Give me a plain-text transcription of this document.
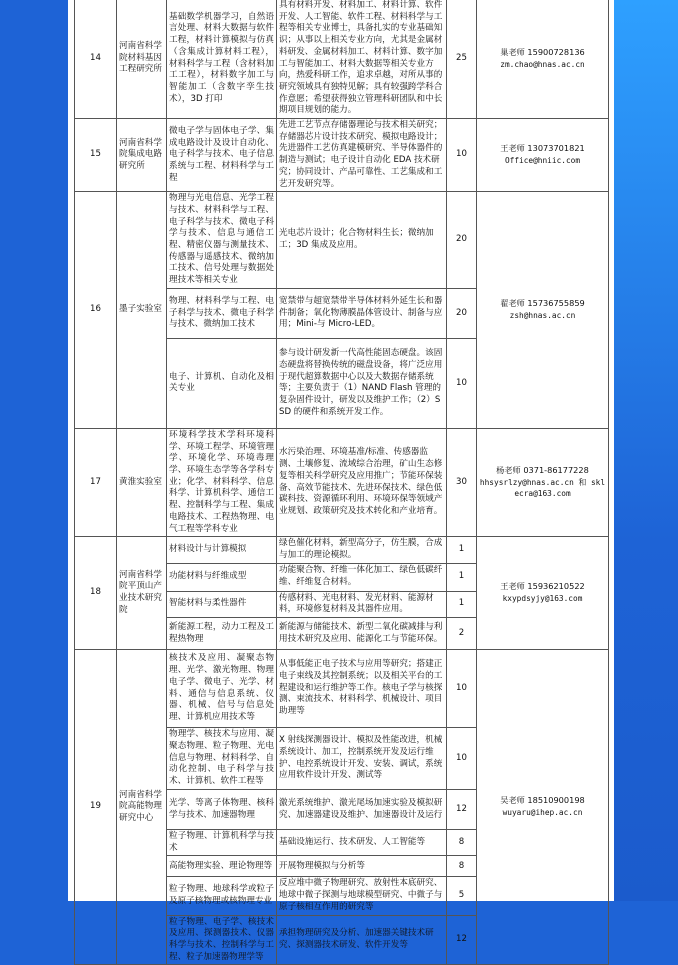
14	河南省科学院材料基因工程研究所	基础数学机器学习，自然语言处理、材料大数据与软件工程，材料计算模拟与仿真（含集成计算材料工程），材料科学与工程（含材料加工工程），材料数字加工与智能加工（含数字孪生技术），3D 打印	具有材料开发、材料加工、材料计算、软件开发、人工智能、软件工程、材料科学与工程等相关专业博士，具备扎实的专业基础知识；从事以上相关专业方向，尤其是金属材料研发、金属材料加工、材料计算、数字加工与智能加工、材料大数据等相关专业方向，热爱科研工作，追求卓越，对所从事的研究领域具有独特见解；具有较强跨学科合作意愿；希望获得独立管理科研团队和中长期项目规划的能力。	25	巢老师 15900728136
zm.chao@hnas.ac.cn

15	河南省科学院集成电路研究所	微电子学与固体电子学、集成电路设计及设计自动化、电子科学与技术、电子信息系统与工程、材料科学与工程	先进工艺节点存储器理论与技术相关研究；存储器芯片设计技术研究、模拟电路设计；先进器件工艺仿真建模研究、半导体器件的制造与测试；电子设计自动化 EDA 技术研究；协同设计、产品可靠性、工艺集成和工艺开发研究等。	10	王老师 13073701821
Office@hniic.com

16	墨子实验室	物理与光电信息、光学工程与技术、材料科学与工程、电子科学与技术、微电子科学与技术、信息与通信工程、精密仪器与测量技术、传感器与遥感技术、微纳加工技术、信号处理与数据处理技术等相关专业	光电芯片设计；化合物材料生长；微纳加工；3D 集成及应用。	20	翟老师 15736755859
zsh@hnas.ac.cn

		物理、材料科学与工程、电子科学与技术、微电子科学与技术、微纳加工技术	宽禁带与超宽禁带半导体材料外延生长和器件制备；氧化物薄膜晶体管设计、制备与应用；Mini-与 Micro-LED。	20	
		电子、计算机、自动化及相关专业	参与设计研发新一代高性能固态硬盘。该固态硬盘将替换传统的磁盘设备，将广泛应用于现代超算数据中心以及大数据存储系统等；主要负责于（1）NAND Flash 管理的复杂固件设计，研发以及维护工作；（2）SSD 的硬件和系统开发工作。	10	
17	黄淮实验室	环境科学技术学科环境科学、环境工程学、环境管理学、环境化学、环境毒理学、环境生态学等各学科专业；化学、材料科学、信息科学、计算机科学、通信工程、控制科学与工程、集成电路技术、工程热物理、电气工程等学科专业	水污染治理、环境基准/标准、传感器监测、土壤修复、流域综合治理，矿山生态修复等相关科学研究及应用推广；节能环保装备、高效节能技术、先进环保技术、绿色低碳科技、资源循环利用、环境环保等领域产业规划、政策研究及技术转化和产业培育。	30	杨老师 0371-86177228
hhsysrlzy@hnas.ac.cn 和 sklecra@163.com

18	河南省科学院平顶山产业技术研究院	材料设计与计算模拟	绿色催化材料，新型高分子，仿生膜，合成与加工的理论模拟。	1	王老师 15936210522
kxypdsyjy@163.com

		功能材料与纤维成型	功能聚合物、纤维一体化加工、绿色低碳纤维、纤维复合材料。	1	
		智能材料与柔性器件	传感材料、光电材料、发光材料、能源材料，环境修复材料及其器件应用。	1	
		新能源工程，动力工程及工程热物理	新能源与储能技术、新型二氧化碳减排与利用技术研究及应用、能源化工与节能环保。	2	
19	河南省科学院高能物理研究中心	核技术及应用、凝聚态物理、光学、激光物理、物理电子学、微电子、光学、材料、通信与信息系统、仪器、机械、信号与信息处理、计算机应用技术等	从事低能正电子技术与应用等研究；搭建正电子束线及其控制系统；以及相关平台的工程建设和运行维护等工作。核电子学与核探测、束流技术、材料科学、机械设计、项目助理等	10	吴老师 18510900198
wuyaru@ihep.ac.cn

		物理学、核技术与应用、凝聚态物理、粒子物理、光电信息与物理、材料科学、自动化控制、电子科学与技术、计算机、软件工程等	X 射线探测器设计、模拟及性能改进，机械系统设计、加工，控制系统开发及运行维护、电控系统设计开发、安装、调试，系统应用软件设计开发、测试等	10	
		光学、等离子体物理、核科学与技术、加速器物理	激光系统维护、激光尾场加速实验及模拟研究、加速器建设及维护、加速器设计及运行	12	
		粒子物理、计算机科学与技术	基础设施运行、技术研发、人工智能等	8	
		高能物理实验、理论物理等	开展物理模拟与分析等	8	
		粒子物理、地球科学或粒子及原子核物理或核物理专业	反应堆中微子物理研究、放射性本底研究、地球中微子探测与地球模型研究、中微子与原子核相互作用的研究等	5	
		粒子物理、电子学、核技术及应用、探测器技术、仪器科学与技术、控制科学与工程、粒子加速器物理学等	承担物理研究及分析、加速器关键技术研究、探测器技术研发、软件开发等	12	
